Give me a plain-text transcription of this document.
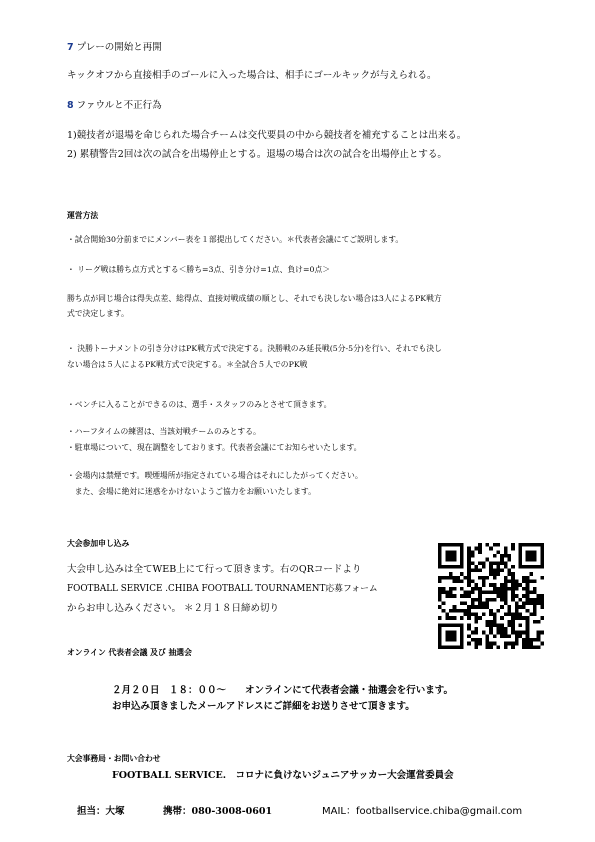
7 プレーの開始と再開
キックオフから直接相手のゴールに入った場合は、相手にゴールキックが与えられる。
8 ファウルと不正行為
1)競技者が退場を命じられた場合チームは交代要員の中から競技者を補充することは出来る。
2) 累積警告2回は次の試合を出場停止とする。退場の場合は次の試合を出場停止とする。
運営方法
・試合開始30分前までにメンバー表を１部提出してください。＊代表者会議にてご説明します。
・ リーグ戦は勝ち点方式とする＜勝ち=3点、引き分け=1点、負け=0点＞
勝ち点が同じ場合は得失点差、総得点、直接対戦成績の順とし、それでも決しない場合は3人によるPK戦方
式で決定します。
・ 決勝トーナメントの引き分けはPK戦方式で決定する。決勝戦のみ延長戦(5分-5分)を行い、それでも決し
ない場合は５人によるPK戦方式で決定する。＊全試合５人でのPK戦
・ベンチに入ることができるのは、選手・スタッフのみとさせて頂きます。
・ハーフタイムの練習は、当該対戦チームのみとする。
・駐車場について、現在調整をしております。代表者会議にてお知らせいたします。
・会場内は禁煙です。喫煙場所が指定されている場合はそれにしたがってください。
　また、会場に絶対に迷惑をかけないようご協力をお願いいたします。
大会参加申し込み
大会申し込みは全てWEB上にて行って頂きます。右のQRコードより
FOOTBALL SERVICE .CHIBA FOOTBALL TOURNAMENT応募フォーム
からお申し込みください。 ＊２月１８日締め切り
オンライン 代表者会議 及び 抽選会
２月２０日　１８：００～　　オンラインにて代表者会議・抽選会を行います。
お申込み頂きましたメールアドレスにご詳細をお送りさせて頂きます。
大会事務局・お問い合わせ
FOOTBALL SERVICE.　コロナに負けないジュニアサッカー大会運営委員会
担当：大塚	携帯：080-3008-0601	MAIL：footballservice.chiba@gmail.com
